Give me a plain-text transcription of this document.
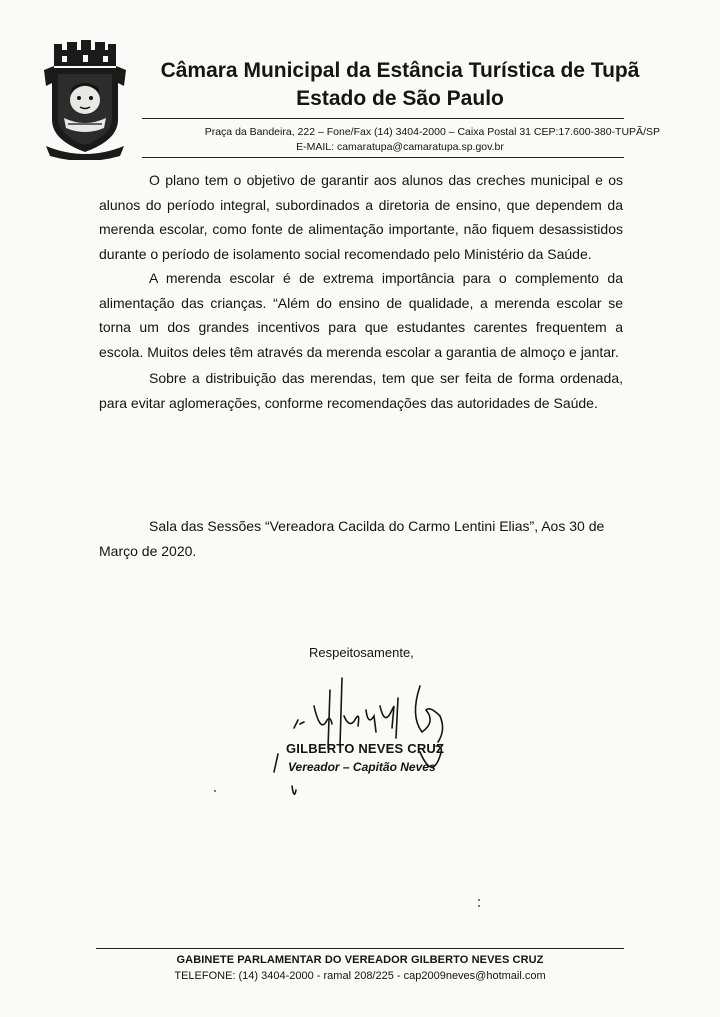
Câmara Municipal da Estância Turística de Tupã
Estado de São Paulo
Praça da Bandeira, 222 – Fone/Fax (14) 3404-2000 – Caixa Postal 31 CEP:17.600-380-TUPÃ/SP
E-MAIL: camaratupa@camaratupa.sp.gov.br

O plano tem o objetivo de garantir aos alunos das creches municipal e os alunos do período integral, subordinados a diretoria de ensino, que dependem da merenda escolar, como fonte de alimentação importante, não fiquem desassistidos durante o período de isolamento social recomendado pelo Ministério da Saúde.

A merenda escolar é de extrema importância para o complemento da alimentação das crianças. “Além do ensino de qualidade, a merenda escolar se torna um dos grandes incentivos para que estudantes carentes frequentem a escola. Muitos deles têm através da merenda escolar a garantia de almoço e jantar.

Sobre a distribuição das merendas, tem que ser feita de forma ordenada, para evitar aglomerações, conforme recomendações das autoridades de Saúde.

Sala das Sessões “Vereadora Cacilda do Carmo Lentini Elias”, Aos 30 de Março de 2020.
Respeitosamente,
GILBERTO NEVES CRUZ
Vereador – Capitão Neves
GABINETE PARLAMENTAR DO VEREADOR GILBERTO NEVES CRUZ
TELEFONE: (14) 3404-2000 - ramal 208/225 - cap2009neves@hotmail.com
